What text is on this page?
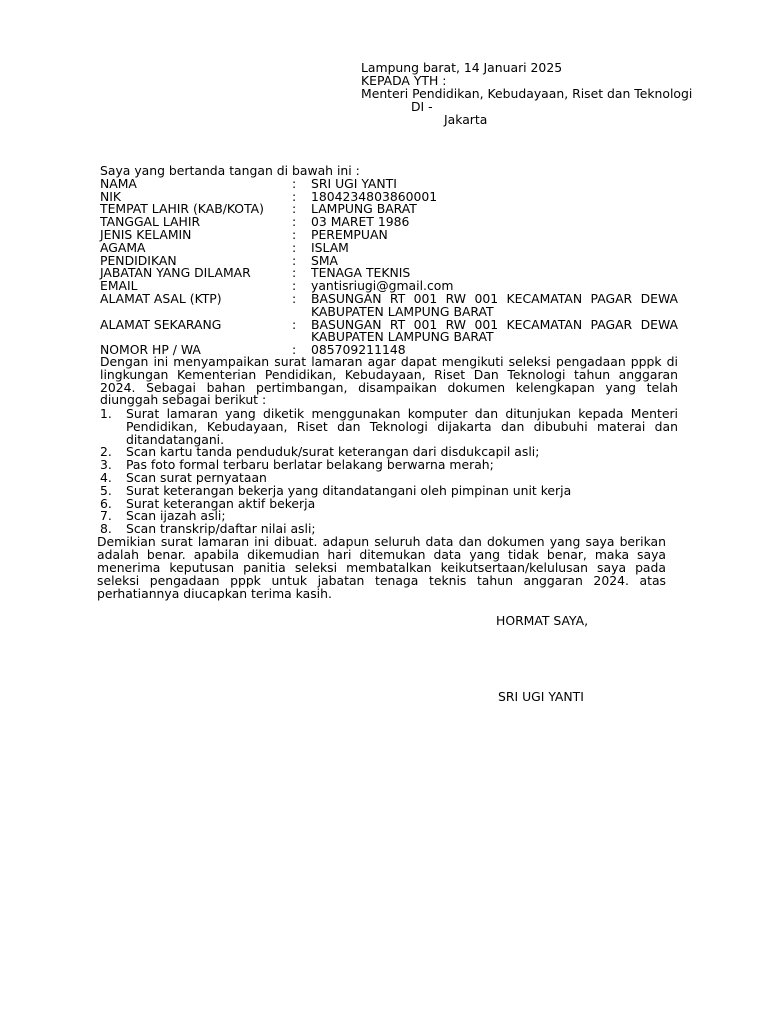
Lampung barat, 14 Januari 2025
KEPADA YTH :
Menteri Pendidikan, Kebudayaan, Riset dan Teknologi
DI -
Jakarta
Saya yang bertanda tangan di bawah ini :
NAMA	:	SRI UGI YANTI
NIK	:	1804234803860001
TEMPAT LAHIR (KAB/KOTA)	:	LAMPUNG BARAT
TANGGAL LAHIR	:	03 MARET 1986
JENIS KELAMIN	:	PEREMPUAN
AGAMA	:	ISLAM
PENDIDIKAN	:	SMA
JABATAN YANG DILAMAR	:	TENAGA TEKNIS
EMAIL	:	yantisriugi@gmail.com
ALAMAT ASAL (KTP)	:	BASUNGAN RT 001 RW 001 KECAMATAN PAGAR DEWA KABUPATEN LAMPUNG BARAT
ALAMAT SEKARANG	:	BASUNGAN RT 001 RW 001 KECAMATAN PAGAR DEWA KABUPATEN LAMPUNG BARAT
NOMOR HP / WA	:	085709211148
Dengan ini menyampaikan surat lamaran agar dapat mengikuti seleksi pengadaan pppk di lingkungan Kementerian Pendidikan, Kebudayaan, Riset Dan Teknologi tahun anggaran 2024. Sebagai bahan pertimbangan, disampaikan dokumen kelengkapan yang telah diunggah sebagai berikut :
1.	Surat lamaran yang diketik menggunakan komputer dan ditunjukan kepada Menteri Pendidikan, Kebudayaan, Riset dan Teknologi dijakarta dan dibubuhi materai dan ditandatangani.
2.	Scan kartu tanda penduduk/surat keterangan dari disdukcapil asli;
3.	Pas foto formal terbaru berlatar belakang berwarna merah;
4.	Scan surat pernyataan
5.	Surat keterangan bekerja yang ditandatangani oleh pimpinan unit kerja
6.	Surat keterangan aktif bekerja
7.	Scan ijazah asli;
8.	Scan transkrip/daftar nilai asli;
Demikian surat lamaran ini dibuat. adapun seluruh data dan dokumen yang saya berikan adalah benar. apabila dikemudian hari ditemukan data yang tidak benar, maka saya menerima keputusan panitia seleksi membatalkan keikutsertaan/kelulusan saya pada seleksi pengadaan pppk untuk jabatan tenaga teknis tahun anggaran 2024. atas perhatiannya diucapkan terima kasih.
HORMAT SAYA,
SRI UGI YANTI
